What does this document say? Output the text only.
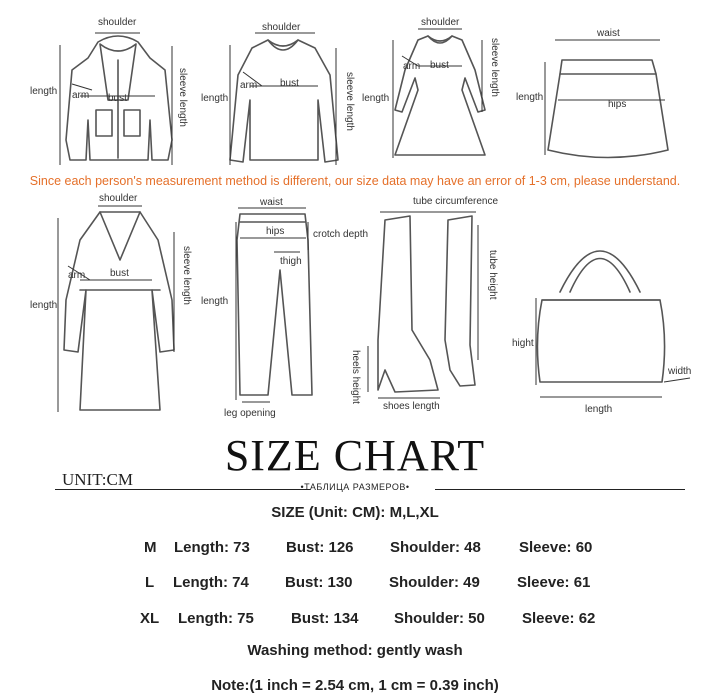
shoulder
length arm bust	sleeve length
shoulder
length
arm bust	sleeve length
shoulder
length
arm bust	sleeve length
waist
length
hips
Since each person's measurement method is different, our size data may have an error of 1-3 cm, please understand.
shoulder
length
arm bust	sleeve length
waist
hips	crotch depth
thigh
length
leg opening
tube circumference
tube height
heels height
shoes length
hight
width
length
SIZE CHART
UNIT:CM	•ТАБЛИЦА РАЗМЕРОВ•
SIZE (Unit: CM): M,L,XL
M Length: 73 Bust: 126 Shoulder: 48	Sleeve: 60
L Length: 74 Bust: 130 Shoulder: 49 Sleeve: 61
XL Length: 75 Bust: 134 Shoulder: 50 Sleeve: 62
Washing method: gently wash
Note:(1 inch = 2.54 cm, 1 cm = 0.39 inch)
